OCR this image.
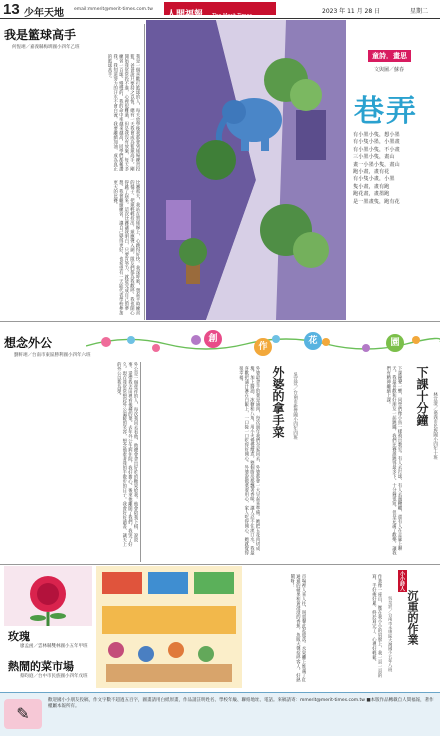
13 少年天地 email:mmerit@merit-times.com.tw
人間福報 The Merit Times
2023 年 11 月 28 日	星期二
我是籃球高手
何恆翊／嘉義縣梅圳國小四年乙班
我是一個喜歡打籃球的人，每天放學後我都會到球場練習投籃。爸爸說只要持之以恆，總有一天我會成為籃球高手。剛開始我常常投不進，心裡很難過，但是我沒有放棄，每天多練習一百球。慢慢的，我的命中率越來越高，同學們都稱讚我。我知道努力的汗水不會白流，我要繼續加油，成為真正的籃球高手。
比賽那天，我站在罰球線上，心跳得好快。我深呼吸，想起平時練習的樣子，把球輕輕投出，球應聲入網。隊友們都為我歡呼，我也開心得跳了起來。這次比賽讓我明白，只要肯努力，就能完成自己的夢想。我會繼續練習，讓自己變得更好，也希望有一天能代表學校參加更大的比賽。
童詩．畫思
文與圖／蘇春
巷弄
有小墨小隻，想小墨
有小隻小墨，小墨畫
有小墨小隻，不小畫
三小墨小隻，畫山
畫一小墨小隻，畫山
跑小畫，畫有花
有小隻小畫，小墨
隻小畫，畫有跑
跑花畫，畫墨跑
是一墨畫隻，跑有花
想念外公
劉軒翊／台南市東區勝利國小四年六班
創
作
花	園
外公是一個慈祥的人，每次我回去看他，他總會拿出好吃的糖果給我。他會陪我下棋、說故事，還帶我去田裡看他種的菜。去年外公生病住院，我好擔心。後來他離開了我們，我哭了好久。現在我常常想起外公溫暖的笑容，想念他牽著我的手散步的日子。我會好好讀書，讓天上的外公以我為榮。	外婆最拿手的菜是滷肉，每次過年我們全家回去，外婆都會一大早起來準備。她把五花肉切成塊，加上醬油、冰糖和八角，用小火慢慢燉煮。整個廚房都飄著香味，讓人忍不住流口水。我最喜歡把滷汁淋在白飯上，一口接一口吃得好開心。外婆說做菜要用心，家人吃得開心，她就覺得很幸福。	外婆的拿手菜	吳宣萱／台南市新營國小四年四班	下課鐘聲一響，同學們像小鳥一樣飛出教室。有人去打球，有人去盪鞦韆，還有人在走廊上聊天。我最喜歡和好朋友一起跳繩，我們比賽誰跳得最多下。十分鐘很短，但是充滿了歡樂，讓我們有精神繼續上課。	下課十分鐘 林宣澄／嘉義市民族國小四年十班
玫瑰
廖孟函／雲林縣雙林國小五年甲班
熱鬧的菜市場
蔡昀庭／台中市民族國小四年戊班	市場裡人來人往，叫賣聲此起彼落。水果攤上堆滿了紅通通的蘋果和黃澄澄的香蕉，魚販大聲招呼客人，好熱鬧呀！	作業像一座山，壓在我小小的肩膀上，我一頁一頁的寫，手好痠好累，終於寫完了，心裡好輕鬆。	小小詩人
沉重的作業
吳昊宸／台南市永康區大灣國小五年八班
✎
歡迎國小小朋友投稿，作文字數不超過五百字，圖畫請用白紙原畫，作品請註明姓名、學校年級、聯絡地址、電話。來稿請寄：mmerit@merit-times.com.tw ■本版作品轉載自人間福報，著作權屬本報所有。
